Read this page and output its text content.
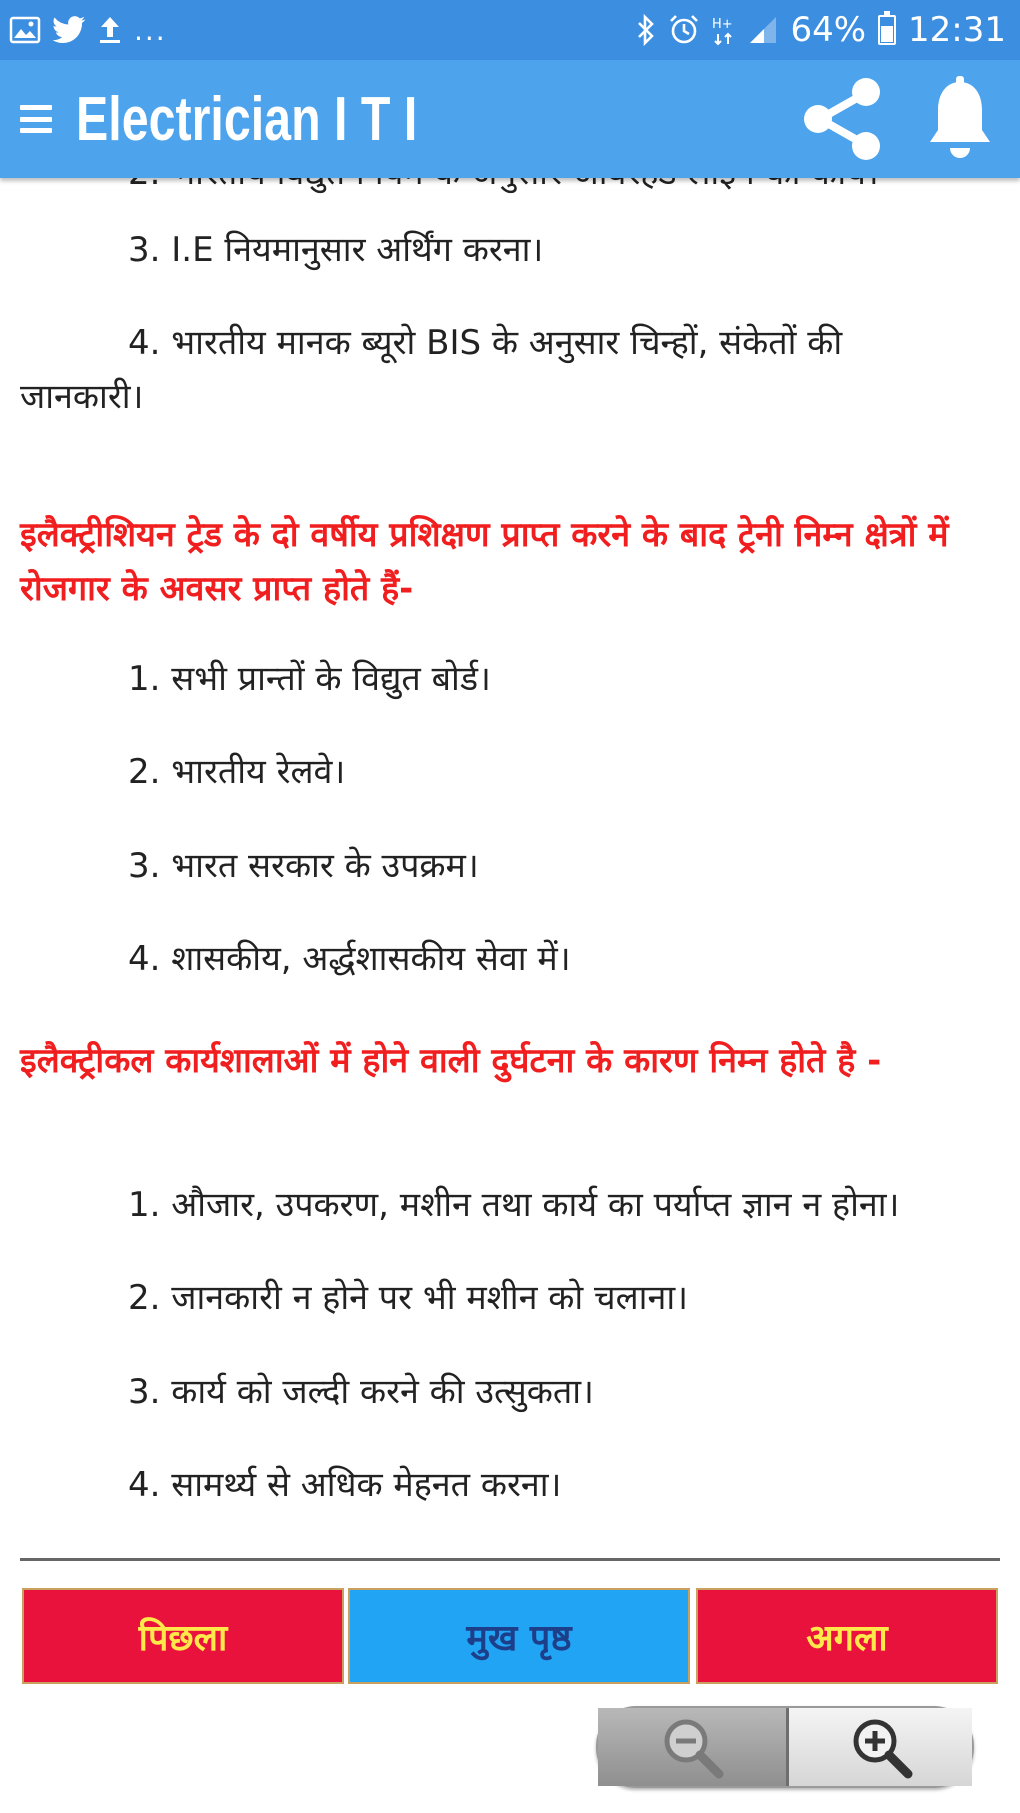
...	H+ 64% 12:31
Electrician I T I
3. I.E नियमानुसार अर्थिंग करना।
4. भारतीय मानक ब्यूरो BIS के अनुसार चिन्हों, संकेतों की
जानकारी।
इलैक्ट्रीशियन ट्रेड के दो वर्षीय प्रशिक्षण प्राप्त करने के बाद ट्रेनी निम्न क्षेत्रों में रोजगार के अवसर प्राप्त होते हैं-
1. सभी प्रान्तों के विद्युत बोर्ड।
2. भारतीय रेलवे।
3. भारत सरकार के उपक्रम।
4. शासकीय, अर्द्धशासकीय सेवा में।
इलैक्ट्रीकल कार्यशालाओं में होने वाली दुर्घटना के कारण निम्न होते है -
1. औजार, उपकरण, मशीन तथा कार्य का पर्याप्त ज्ञान न होना।
2. जानकारी न होने पर भी मशीन को चलाना।
3. कार्य को जल्दी करने की उत्सुकता।
4. सामर्थ्य से अधिक मेहनत करना।
पिछला	मुख पृष्ठ	अगला
